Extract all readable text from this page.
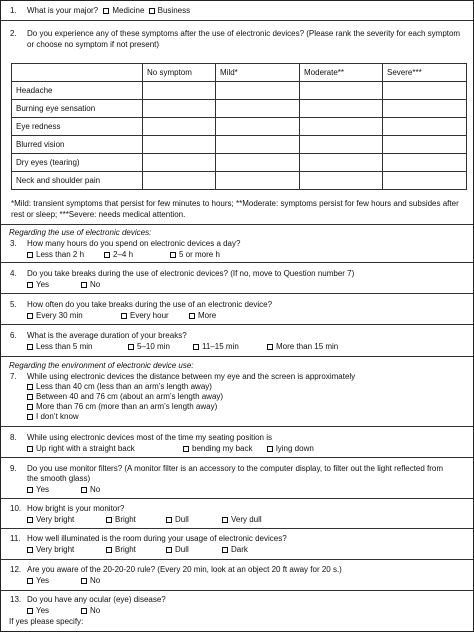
1. What is your major? Medicine Business
2. Do you experience any of these symptoms after the use of electronic devices? (Please rank the severity for each symptom
or choose no symptom if not present)
	No symptom	Mild*	Moderate**	Severe***
Headache				
Burning eye sensation				
Eye redness				
Blurred vision				
Dry eyes (tearing)				
Neck and shoulder pain				
*Mild: transient symptoms that persist for few minutes to hours; **Moderate: symptoms persist for few hours and subsides after rest or sleep; ***Severe: needs medical attention.
Regarding the use of electronic devices:
3. How many hours do you spend on electronic devices a day?
Less than 2 h	2–4 h	5 or more h
4. Do you take breaks during the use of electronic devices? (If no, move to Question number 7)
Yes	No
5. How often do you take breaks during the use of an electronic device?
Every 30 min	Every hour	More
6. What is the average duration of your breaks?
Less than 5 min	5–10 min	11–15 min	More than 15 min
Regarding the environment of electronic device use:
7. While using electronic devices the distance between my eye and the screen is approximately
Less than 40 cm (less than an arm’s length away)
Between 40 and 76 cm (about an arm’s length away)
More than 76 cm (more than an arm’s length away)
I don’t know
8. While using electronic devices most of the time my seating position is
Up right with a straight back	bending my back	lying down
9. Do you use monitor filters? (A monitor filter is an accessory to the computer display, to filter out the light reflected from
the smooth glass)
Yes	No
10. How bright is your monitor?
Very bright	Bright	Dull	Very dull
11. How well illuminated is the room during your usage of electronic devices?
Very bright	Bright	Dull	Dark
12. Are you aware of the 20-20-20 rule? (Every 20 min, look at an object 20 ft away for 20 s.)
Yes	No
13. Do you have any ocular (eye) disease?
Yes	No
If yes please specify:
